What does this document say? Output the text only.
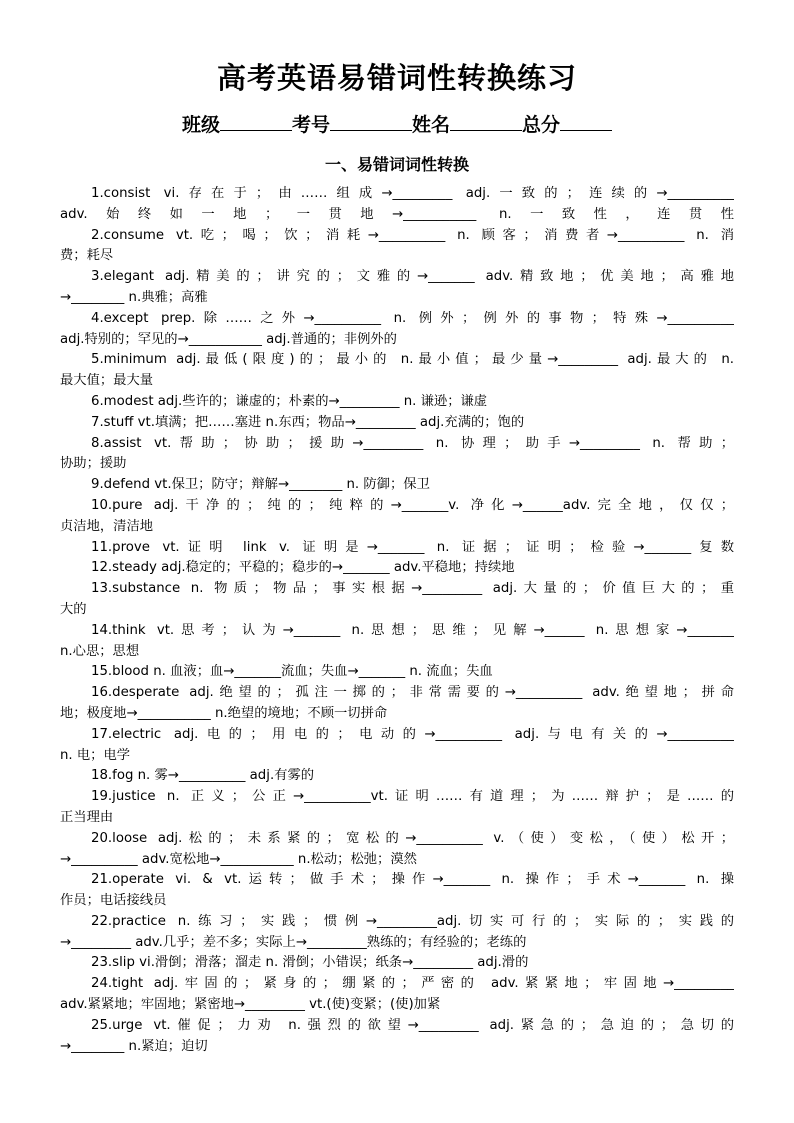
高考英语易错词性转换练习
班级	考号	姓名	总分
一、易错词词性转换
1.consist vi.存在于；由……组成→_________ adj.一致的；连续的→__________
adv.始终如一地；一贯地→___________ n.一致性，连贯性
2.consume vt.吃；喝；饮；消耗→__________ n. 顾客；消费者→__________ n. 消
费；耗尽
3.elegant adj.精美的；讲究的；文雅的→_______ adv.精致地；优美地；高雅地
→________ n.典雅；高雅
4.except prep.除……之外→__________ n. 例外；例外的事物；特殊→__________
adj.特别的；罕见的→___________ adj.普通的；非例外的
5.minimum adj.最低(限度)的；最小的 n.最小值；最少量→_________ adj.最大的 n.
最大值；最大量
6.modest adj.些许的；谦虚的；朴素的→_________ n. 谦逊；谦虚
7.stuff vt.填满；把……塞进 n.东西；物品→_________ adj.充满的；饱的
8.assist vt.帮助；协助；援助→_________ n. 协理；助手→_________ n. 帮助；
协助；援助
9.defend vt.保卫；防守；辩解→________ n. 防御；保卫
10.pure adj.干净的；纯的；纯粹的→_______v. 净化→______adv.完全地，仅仅；
贞洁地，清洁地
11.prove vt.证明 link v. 证明是→_______ n. 证据；证明；检验→_______复数
12.steady adj.稳定的；平稳的；稳步的→_______ adv.平稳地；持续地
13.substance n. 物质；物品；事实根据→_________ adj.大量的；价值巨大的；重
大的
14.think vt.思考；认为→_______ n.思想；思维；见解→______ n.思想家→_______
n.心思；思想
15.blood n. 血液；血→_______流血；失血→_______ n. 流血；失血
16.desperate adj.绝望的；孤注一掷的；非常需要的→__________ adv.绝望地；拼命
地；极度地→___________ n.绝望的境地；不顾一切拼命
17.electric adj.电的；用电的；电动的→__________ adj.与电有关的→__________
n. 电；电学
18.fog n. 雾→__________ adj.有雾的
19.justice n. 正义；公正→__________vt.证明……有道理；为……辩护；是……的
正当理由
20.loose adj.松的；未系紧的；宽松的→__________ v.（使）变松，（使）松开；
→__________ adv.宽松地→___________ n.松动；松弛；漠然
21.operate vi. & vt.运转；做手术；操作→_______ n. 操作；手术→_______ n. 操
作员；电话接线员
22.practice n.练习；实践；惯例→_________adj.切实可行的；实际的；实践的
→_________ adv.几乎；差不多；实际上→_________熟练的；有经验的；老练的
23.slip vi.滑倒；滑落；溜走 n. 滑倒；小错误；纸条→_________ adj.滑的
24.tight adj.牢固的；紧身的；绷紧的；严密的 adv.紧紧地；牢固地→_________
adv.紧紧地；牢固地；紧密地→_________ vt.(使)变紧；(使)加紧
25.urge vt.催促；力劝 n.强烈的欲望→_________ adj.紧急的；急迫的；急切的
→________ n.紧迫；迫切
